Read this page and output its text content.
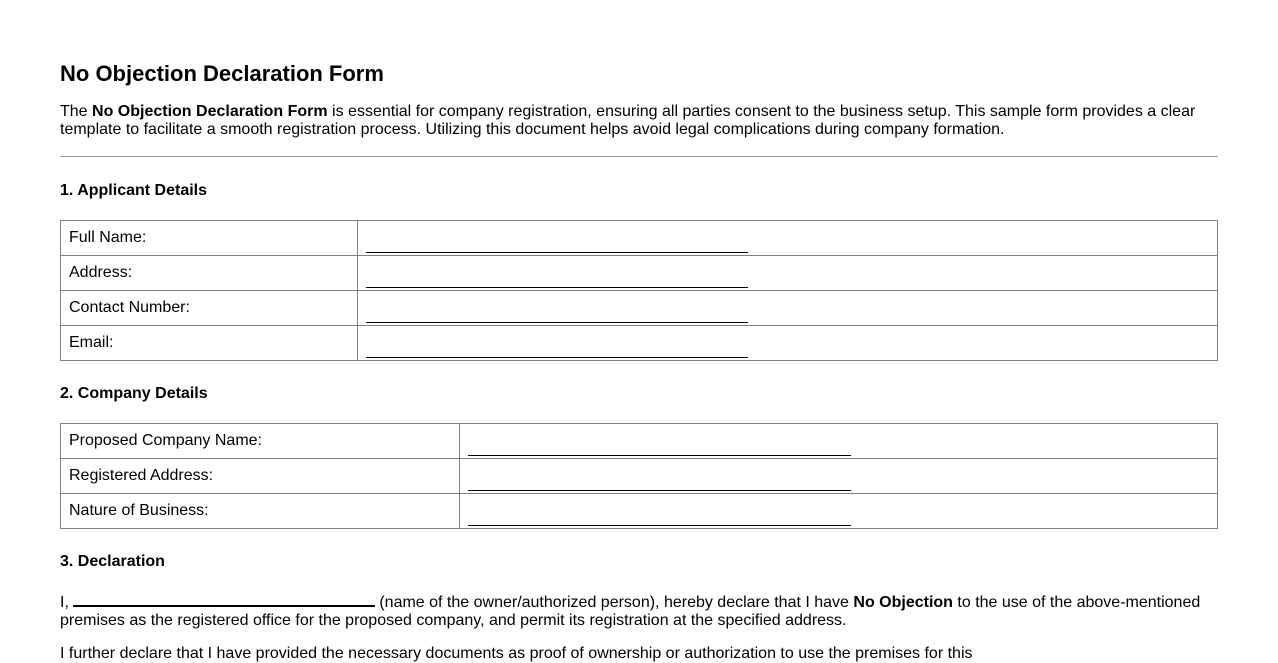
No Objection Declaration Form

The No Objection Declaration Form is essential for company registration, ensuring all parties consent to the business setup. This sample form provides a clear template to facilitate a smooth registration process. Utilizing this document helps avoid legal complications during company formation.

1. Applicant Details
Full Name:	
Address:	
Contact Number:	
Email:	
2. Company Details
Proposed Company Name:	
Registered Address:	
Nature of Business:	
3. Declaration

I,	(name of the owner/authorized person), hereby declare that I have No Objection to the use of the above-mentioned premises as the registered office for the proposed company, and permit its registration at the specified address.

I further declare that I have provided the necessary documents as proof of ownership or authorization to use the premises for this
